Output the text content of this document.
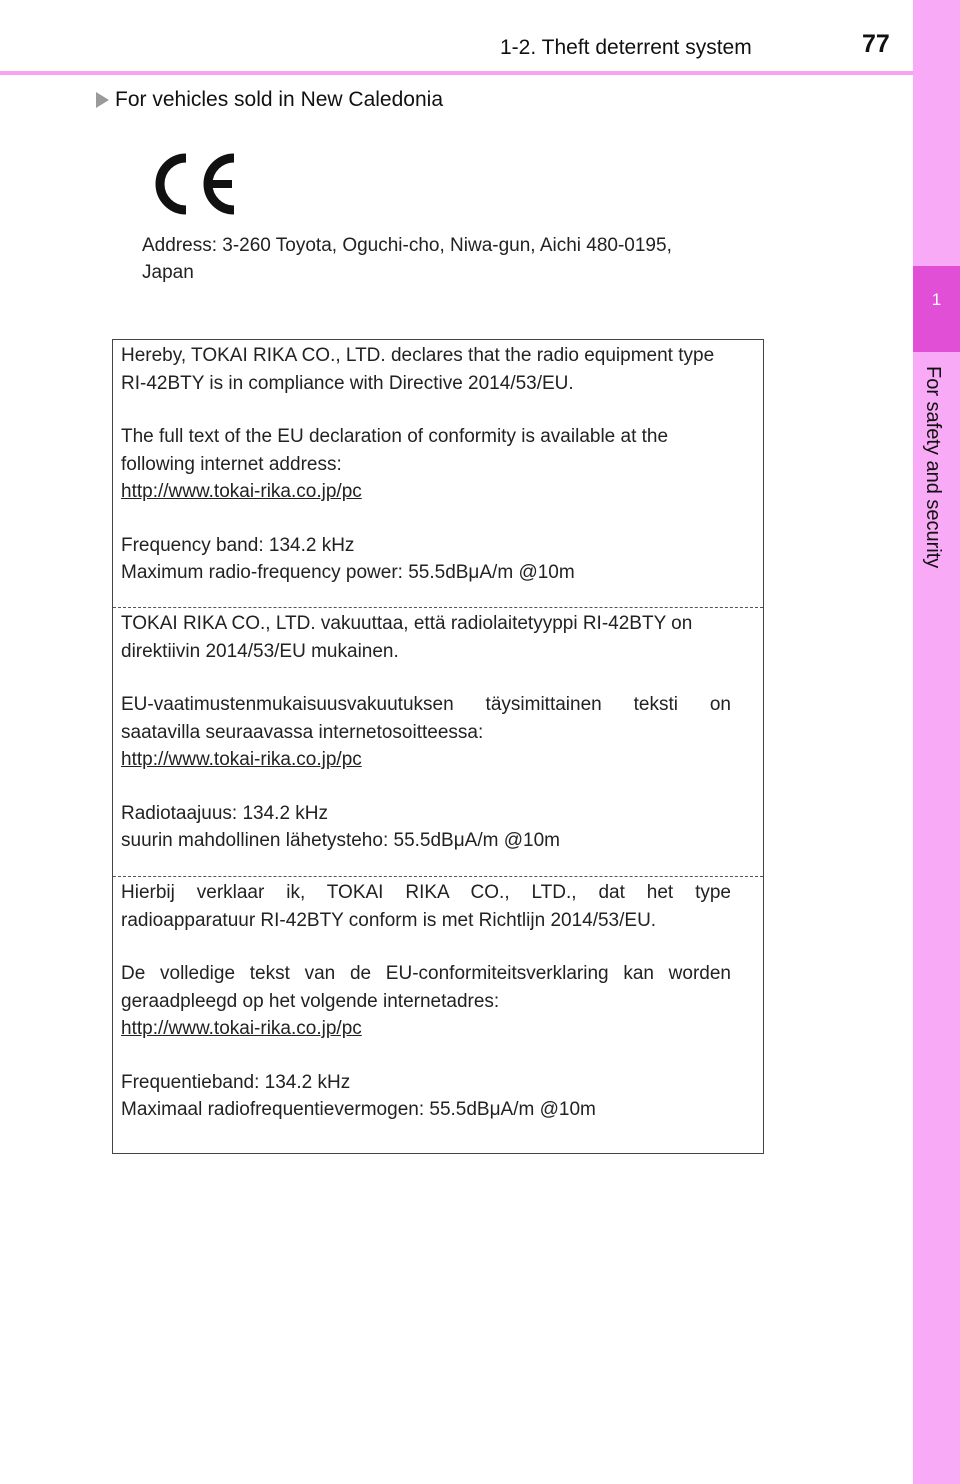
1-2. Theft deterrent system	77
1
For safety and security
For vehicles sold in New Caledonia
Address: 3-260 Toyota, Oguchi-cho, Niwa-gun, Aichi 480-0195,
Japan

Hereby, TOKAI RIKA CO., LTD. declares that the radio equipment type

RI-42BTY is in compliance with Directive 2014/53/EU.

The full text of the EU declaration of conformity is available at the

following internet address:

http://www.tokai-rika.co.jp/pc

Frequency band: 134.2 kHz

Maximum radio-frequency power: 55.5dBμA/m @10m

TOKAI RIKA CO., LTD. vakuuttaa, että radiolaitetyyppi RI-42BTY on

direktiivin 2014/53/EU mukainen.

EU-vaatimustenmukaisuusvakuutuksen täysimittainen teksti on

saatavilla seuraavassa internetosoitteessa:

http://www.tokai-rika.co.jp/pc

Radiotaajuus: 134.2 kHz

suurin mahdollinen lähetysteho: 55.5dBμA/m @10m

Hierbij verklaar ik, TOKAI RIKA CO., LTD., dat het type

radioapparatuur RI-42BTY conform is met Richtlijn 2014/53/EU.

De volledige tekst van de EU-conformiteitsverklaring kan worden

geraadpleegd op het volgende internetadres:

http://www.tokai-rika.co.jp/pc

Frequentieband: 134.2 kHz

Maximaal radiofrequentievermogen: 55.5dBμA/m @10m
